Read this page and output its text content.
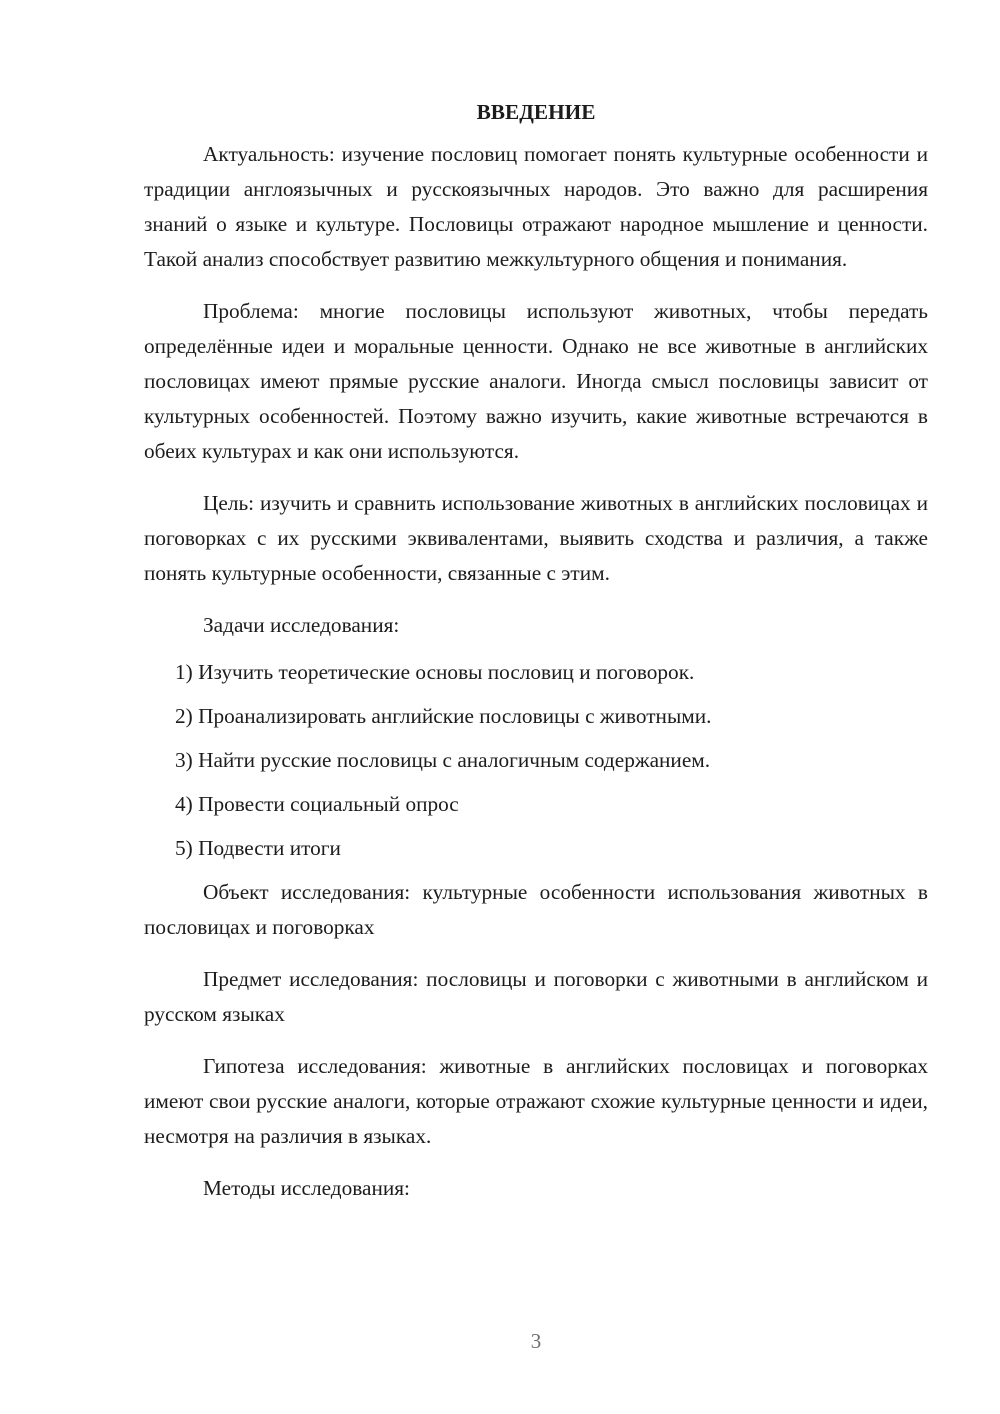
ВВЕДЕНИЕ

Актуальность: изучение пословиц помогает понять культурные особенности и традиции англоязычных и русскоязычных народов. Это важно для расширения знаний о языке и культуре. Пословицы отражают народное мышление и ценности. Такой анализ способствует развитию межкультурного общения и понимания.

Проблема: многие пословицы используют животных, чтобы передать определённые идеи и моральные ценности. Однако не все животные в английских пословицах имеют прямые русские аналоги. Иногда смысл пословицы зависит от культурных особенностей. Поэтому важно изучить, какие животные встречаются в обеих культурах и как они используются.

Цель: изучить и сравнить использование животных в английских пословицах и поговорках с их русскими эквивалентами, выявить сходства и различия, а также понять культурные особенности, связанные с этим.

Задачи исследования:

1) Изучить теоретические основы пословиц и поговорок.
2) Проанализировать английские пословицы с животными.
3) Найти русские пословицы с аналогичным содержанием.
4) Провести социальный опрос
5) Подвести итоги

Объект исследования: культурные особенности использования животных в пословицах и поговорках

Предмет исследования: пословицы и поговорки с животными в английском и русском языках

Гипотеза исследования: животные в английских пословицах и поговорках имеют свои русские аналоги, которые отражают схожие культурные ценности и идеи, несмотря на различия в языках.

Методы исследования:

3
